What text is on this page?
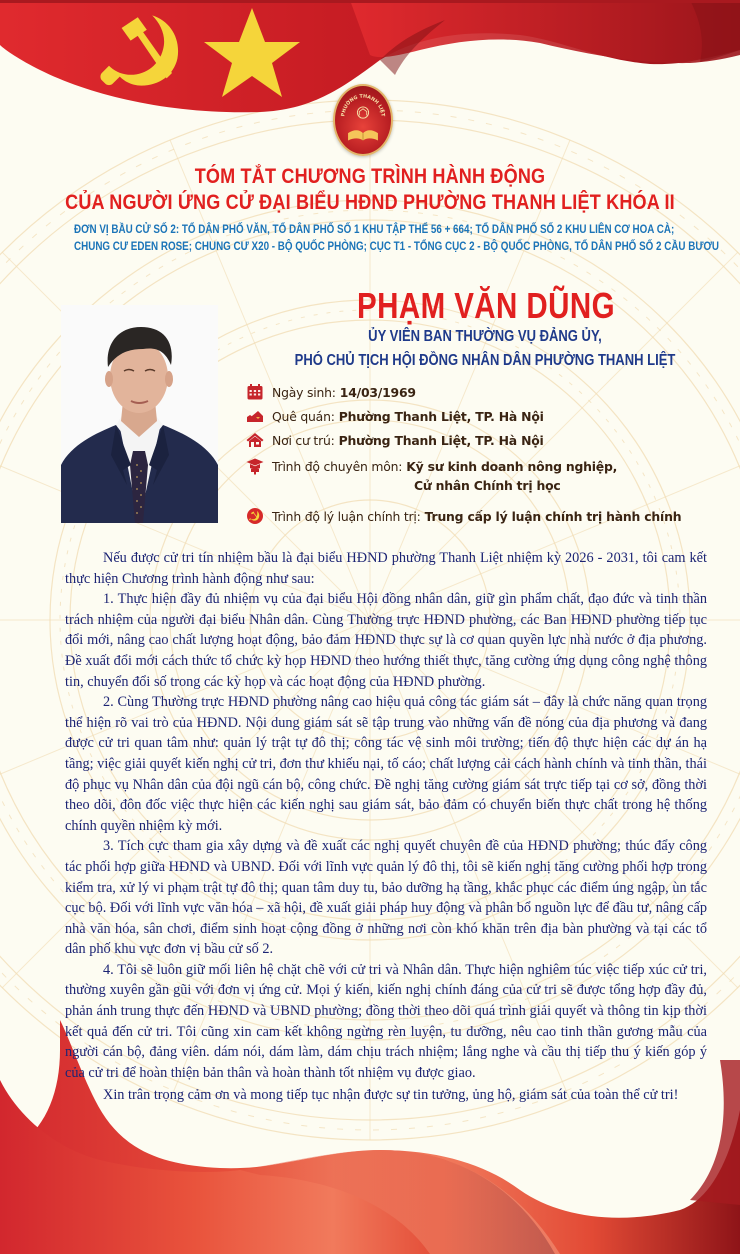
PHƯỜNG THANH LIỆT
TÓM TẮT CHƯƠNG TRÌNH HÀNH ĐỘNG
CỦA NGƯỜI ỨNG CỬ ĐẠI BIỂU HĐND PHƯỜNG THANH LIỆT KHÓA II
ĐƠN VỊ BẦU CỬ SỐ 2: TỔ DÂN PHỐ VĂN, TỔ DÂN PHỐ SỐ 1 KHU TẬP THỂ 56 + 664; TỔ DÂN PHỐ SỐ 2 KHU LIÊN CƠ HOA CÀ;
CHUNG CƯ EDEN ROSE; CHUNG CƯ X20 - BỘ QUỐC PHÒNG; CỤC T1 - TỔNG CỤC 2 - BỘ QUỐC PHÒNG, TỔ DÂN PHỐ SỐ 2 CẦU BƯƠU
PHẠM VĂN DŨNG
ỦY VIÊN BAN THƯỜNG VỤ ĐẢNG ỦY,
PHÓ CHỦ TỊCH HỘI ĐỒNG NHÂN DÂN PHƯỜNG THANH LIỆT
Ngày sinh: 14/03/1969
Quê quán: Phường Thanh Liệt, TP. Hà Nội
Nơi cư trú: Phường Thanh Liệt, TP. Hà Nội
Trình độ chuyên môn: Kỹ sư kinh doanh nông nghiệp,
Cử nhân Chính trị học
Trình độ lý luận chính trị: Trung cấp lý luận chính trị hành chính

Nếu được cử tri tín nhiệm bầu là đại biểu HĐND phường Thanh Liệt nhiệm kỳ 2026 - 2031, tôi cam kết thực hiện Chương trình hành động như sau:

1. Thực hiện đầy đủ nhiệm vụ của đại biểu Hội đồng nhân dân, giữ gìn phẩm chất, đạo đức và tinh thần trách nhiệm của người đại biểu Nhân dân. Cùng Thường trực HĐND phường, các Ban HĐND phường tiếp tục đổi mới, nâng cao chất lượng hoạt động, bảo đảm HĐND thực sự là cơ quan quyền lực nhà nước ở địa phương. Đề xuất đổi mới cách thức tổ chức kỳ họp HĐND theo hướng thiết thực, tăng cường ứng dụng công nghệ thông tin, chuyển đổi số trong các kỳ họp và các hoạt động của HĐND phường.

2. Cùng Thường trực HĐND phường nâng cao hiệu quả công tác giám sát – đây là chức năng quan trọng thể hiện rõ vai trò của HĐND. Nội dung giám sát sẽ tập trung vào những vấn đề nóng của địa phương và đang được cử tri quan tâm như: quản lý trật tự đô thị; công tác vệ sinh môi trường; tiến độ thực hiện các dự án hạ tầng; việc giải quyết kiến nghị cử tri, đơn thư khiếu nại, tố cáo; chất lượng cải cách hành chính và tinh thần, thái độ phục vụ Nhân dân của đội ngũ cán bộ, công chức. Đề nghị tăng cường giám sát trực tiếp tại cơ sở, đồng thời theo dõi, đôn đốc việc thực hiện các kiến nghị sau giám sát, bảo đảm có chuyển biến thực chất trong hệ thống chính quyền nhiệm kỳ mới.

3. Tích cực tham gia xây dựng và đề xuất các nghị quyết chuyên đề của HĐND phường; thúc đẩy công tác phối hợp giữa HĐND và UBND. Đối với lĩnh vực quản lý đô thị, tôi sẽ kiến nghị tăng cường phối hợp trong kiểm tra, xử lý vi phạm trật tự đô thị; quan tâm duy tu, bảo dưỡng hạ tầng, khắc phục các điểm úng ngập, ùn tắc cục bộ. Đối với lĩnh vực văn hóa – xã hội, đề xuất giải pháp huy động và phân bổ nguồn lực để đầu tư, nâng cấp nhà văn hóa, sân chơi, điểm sinh hoạt cộng đồng ở những nơi còn khó khăn trên địa bàn phường và tại các tổ dân phố khu vực đơn vị bầu cử số 2.

4. Tôi sẽ luôn giữ mối liên hệ chặt chẽ với cử tri và Nhân dân. Thực hiện nghiêm túc việc tiếp xúc cử tri, thường xuyên gần gũi với đơn vị ứng cử. Mọi ý kiến, kiến nghị chính đáng của cử tri sẽ được tổng hợp đầy đủ, phản ánh trung thực đến HĐND và UBND phường; đồng thời theo dõi quá trình giải quyết và thông tin kịp thời kết quả đến cử tri. Tôi cũng xin cam kết không ngừng rèn luyện, tu dưỡng, nêu cao tinh thần gương mẫu của người cán bộ, đảng viên. dám nói, dám làm, dám chịu trách nhiệm; lắng nghe và cầu thị tiếp thu ý kiến góp ý của cử tri để hoàn thiện bản thân và hoàn thành tốt nhiệm vụ được giao.

Xin trân trọng cảm ơn và mong tiếp tục nhận được sự tin tưởng, ủng hộ, giám sát của toàn thể cử tri!
